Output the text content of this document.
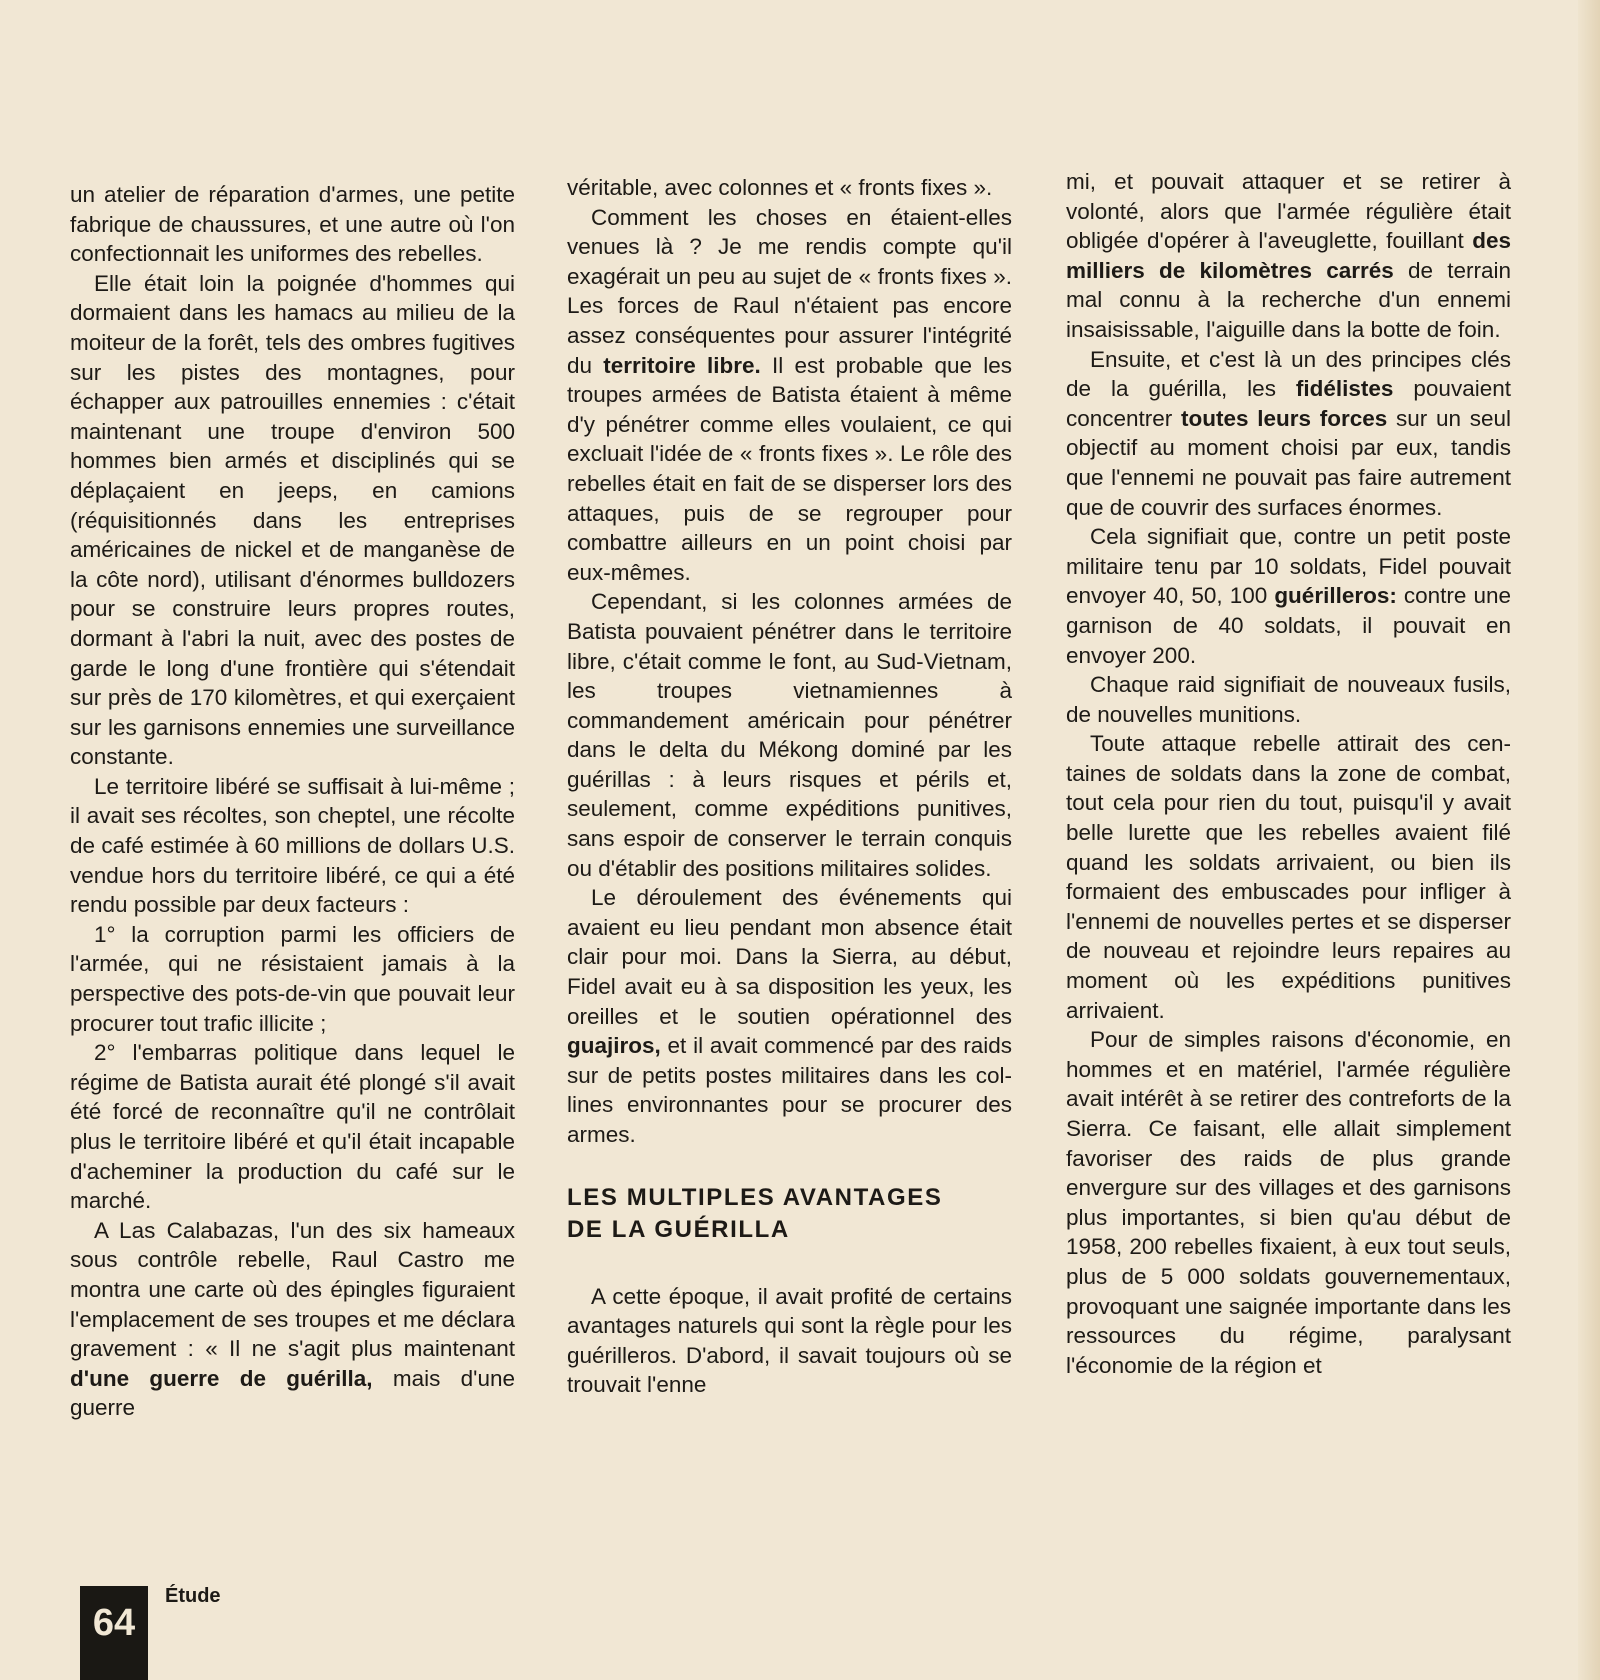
un atelier de réparation d'armes, une petite fabrique de chaussures, et une autre où l'on confectionnait les uniformes des rebelles.

Elle était loin la poignée d'hommes qui dormaient dans les hamacs au milieu de la moiteur de la forêt, tels des ombres fugitives sur les pistes des montagnes, pour échapper aux patrouilles ennemies : c'était maintenant une troupe d'environ 500 hommes bien armés et disciplinés qui se déplaçaient en jeeps, en camions (réquisitionnés dans les entreprises américaines de nickel et de manganèse de la côte nord), utilisant d'énormes bulldozers pour se construire leurs propres routes, dormant à l'abri la nuit, avec des postes de garde le long d'une frontière qui s'étendait sur près de 170 kilomètres, et qui exerçaient sur les garnisons ennemies une surveillance constante.

Le territoire libéré se suffisait à lui-même ; il avait ses récoltes, son cheptel, une récolte de café estimée à 60 millions de dollars U.S. vendue hors du territoire libéré, ce qui a été rendu possible par deux facteurs :

1° la corruption parmi les officiers de l'armée, qui ne résistaient jamais à la perspective des pots-de-vin que pouvait leur procurer tout trafic illicite ;

2° l'embarras politique dans lequel le régime de Batista aurait été plongé s'il avait été forcé de reconnaître qu'il ne contrôlait plus le territoire libéré et qu'il était incapable d'acheminer la production du café sur le marché.

A Las Calabazas, l'un des six hameaux sous contrôle rebelle, Raul Castro me montra une carte où des épingles figuraient l'emplacement de ses troupes et me déclara gravement : « Il ne s'agit plus maintenant d'une guerre de guérilla, mais d'une guerre

véritable, avec colonnes et « fronts fixes ».

Comment les choses en étaient-elles venues là ? Je me rendis compte qu'il exagérait un peu au sujet de « fronts fixes ». Les forces de Raul n'étaient pas encore assez conséquentes pour assurer l'intégrité du territoire libre. Il est probable que les troupes armées de Batista étaient à même d'y pénétrer comme elles voulaient, ce qui excluait l'idée de « fronts fixes ». Le rôle des rebelles était en fait de se disperser lors des attaques, puis de se regrouper pour combattre ailleurs en un point choisi par eux-mêmes.

Cependant, si les colonnes armées de Batista pouvaient pénétrer dans le territoire libre, c'était comme le font, au Sud-Vietnam, les troupes vietnamiennes à commandement américain pour pénétrer dans le delta du Mékong dominé par les guérillas : à leurs risques et périls et, seulement, comme expéditions punitives, sans espoir de conserver le terrain conquis ou d'établir des positions militaires solides.

Le déroulement des événements qui avaient eu lieu pendant mon absence était clair pour moi. Dans la Sierra, au début, Fidel avait eu à sa disposition les yeux, les oreilles et le soutien opérationnel des guajiros, et il avait commencé par des raids sur de petits postes militaires dans les collines environnantes pour se procurer des armes.

LES MULTIPLES AVANTAGES
DE LA GUÉRILLA

A cette époque, il avait profité de certains avantages naturels qui sont la règle pour les guérilleros. D'abord, il savait toujours où se trouvait l'enne

mi, et pouvait attaquer et se retirer à volonté, alors que l'armée régulière était obligée d'opérer à l'aveuglette, fouillant des milliers de kilomètres carrés de terrain mal connu à la recherche d'un ennemi insaisissable, l'aiguille dans la botte de foin.

Ensuite, et c'est là un des principes clés de la guérilla, les fidélistes pouvaient concentrer toutes leurs forces sur un seul objectif au moment choisi par eux, tandis que l'ennemi ne pouvait pas faire autrement que de couvrir des surfaces énormes.

Cela signifiait que, contre un petit poste militaire tenu par 10 soldats, Fidel pouvait envoyer 40, 50, 100 guérilleros: contre une garnison de 40 soldats, il pouvait en envoyer 200.

Chaque raid signifiait de nouveaux fusils, de nouvelles munitions.

Toute attaque rebelle attirait des centaines de soldats dans la zone de combat, tout cela pour rien du tout, puisqu'il y avait belle lurette que les rebelles avaient filé quand les soldats arrivaient, ou bien ils formaient des embuscades pour infliger à l'ennemi de nouvelles pertes et se disperser de nouveau et rejoindre leurs repaires au moment où les expéditions punitives arrivaient.

Pour de simples raisons d'économie, en hommes et en matériel, l'armée régulière avait intérêt à se retirer des contreforts de la Sierra. Ce faisant, elle allait simplement favoriser des raids de plus grande envergure sur des villages et des garnisons plus importantes, si bien qu'au début de 1958, 200 rebelles fixaient, à eux tout seuls, plus de 5 000 soldats gouvernementaux, provoquant une saignée importante dans les ressources du régime, paralysant l'économie de la région et

64
Étude
